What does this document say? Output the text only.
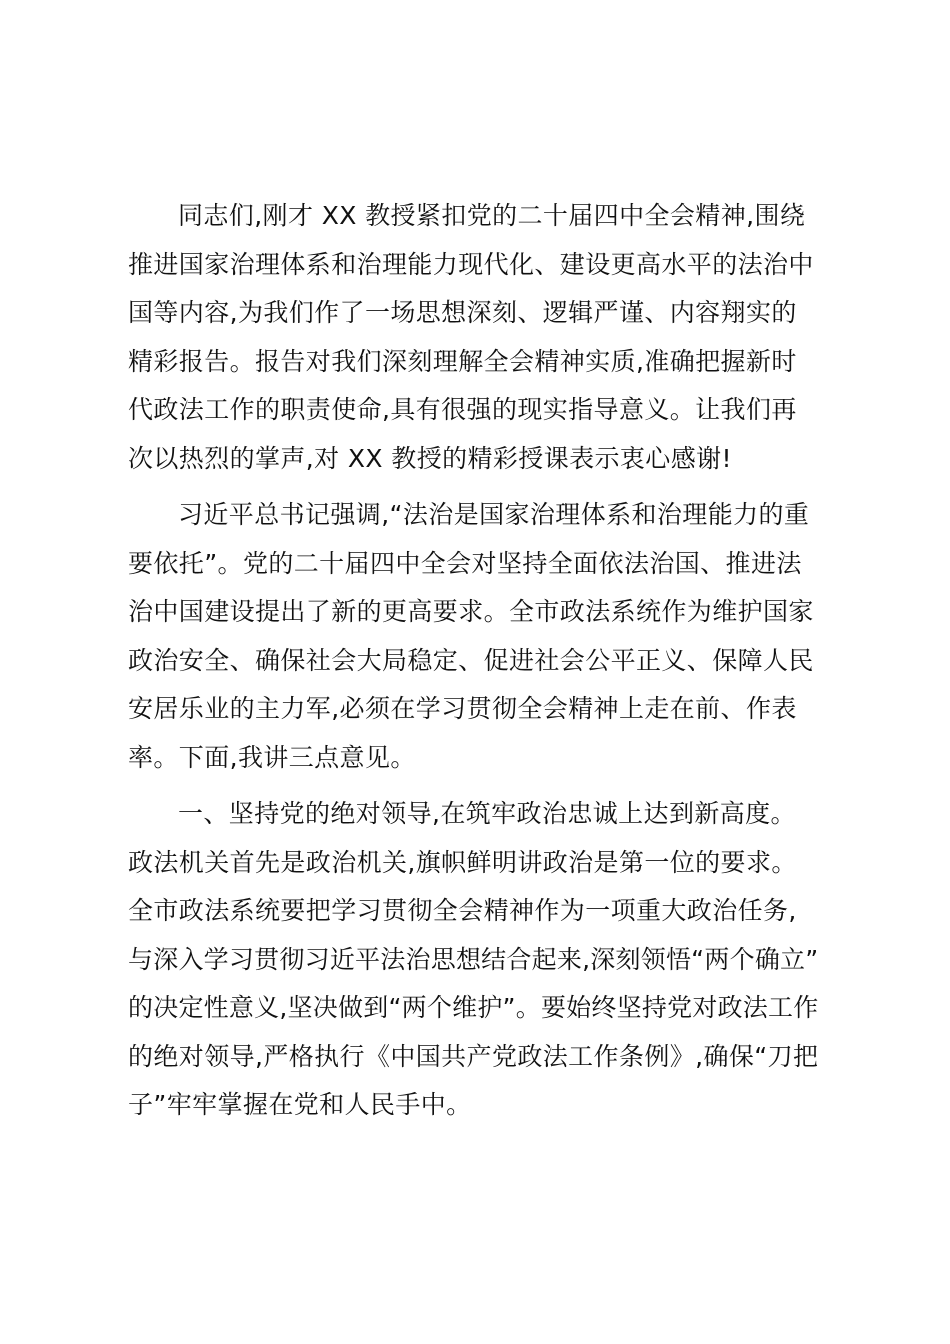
同志们,刚才 XX 教授紧扣党的二十届四中全会精神,围绕
推进国家治理体系和治理能力现代化、建设更高水平的法治中
国等内容,为我们作了一场思想深刻、逻辑严谨、内容翔实的
精彩报告。报告对我们深刻理解全会精神实质,准确把握新时
代政法工作的职责使命,具有很强的现实指导意义。让我们再
次以热烈的掌声,对 XX 教授的精彩授课表示衷心感谢!
习近平总书记强调,“法治是国家治理体系和治理能力的重
要依托”。党的二十届四中全会对坚持全面依法治国、推进法
治中国建设提出了新的更高要求。全市政法系统作为维护国家
政治安全、确保社会大局稳定、促进社会公平正义、保障人民
安居乐业的主力军,必须在学习贯彻全会精神上走在前、作表
率。下面,我讲三点意见。
一、坚持党的绝对领导,在筑牢政治忠诚上达到新高度。
政法机关首先是政治机关,旗帜鲜明讲政治是第一位的要求。
全市政法系统要把学习贯彻全会精神作为一项重大政治任务,
与深入学习贯彻习近平法治思想结合起来,深刻领悟“两个确立”
的决定性意义,坚决做到“两个维护”。要始终坚持党对政法工作
的绝对领导,严格执行《中国共产党政法工作条例》,确保“刀把
子”牢牢掌握在党和人民手中。
